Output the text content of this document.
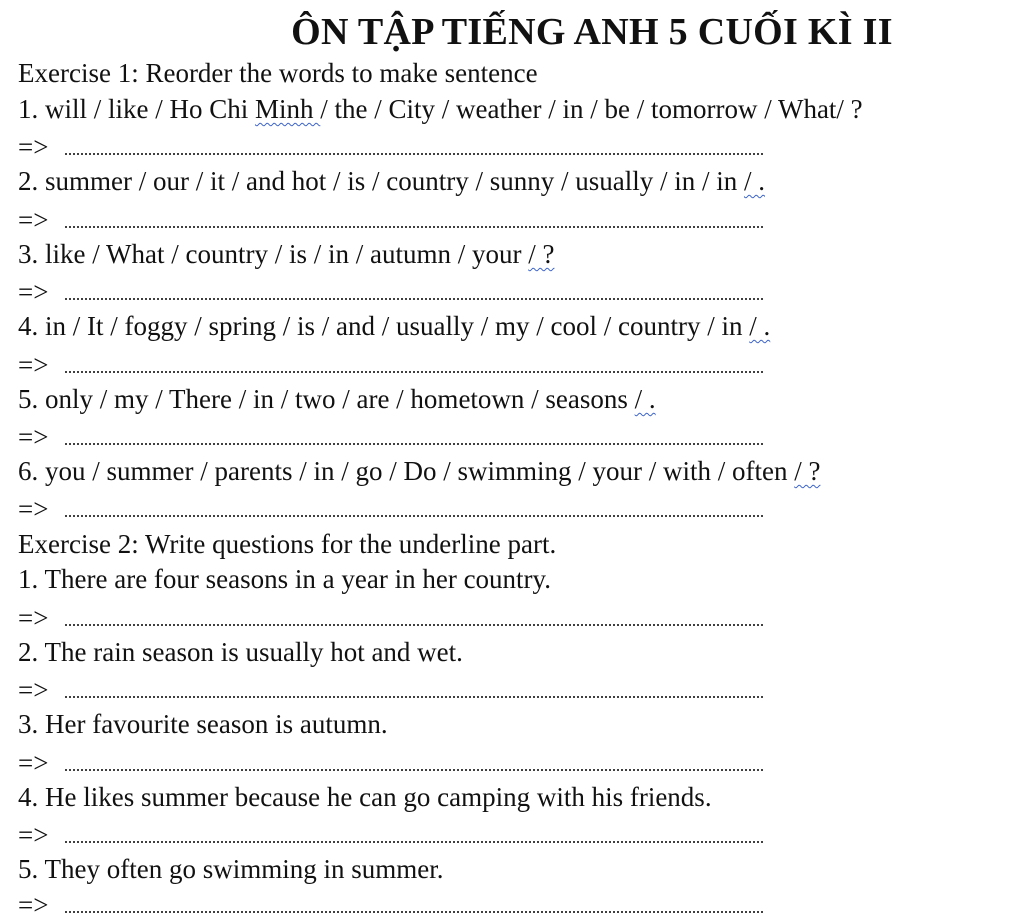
ÔN TẬP TIẾNG ANH 5 CUỐI KÌ II
Exercise 1: Reorder the words to make sentence
1. will / like / Ho Chi Minh / the / City / weather / in / be / tomorrow / What/ ?
=>
2. summer / our / it / and hot / is / country / sunny / usually / in / in / .
=>
3. like / What / country / is / in / autumn / your / ?
=>
4. in / It / foggy / spring / is / and / usually / my / cool / country / in / .
=>
5. only / my / There / in / two / are / hometown / seasons / .
=>
6. you / summer / parents / in / go / Do / swimming / your / with / often / ?
=>
Exercise 2: Write questions for the underline part.
1. There are four seasons in a year in her country.
=>
2. The rain season is usually hot and wet.
=>
3. Her favourite season is autumn.
=>
4. He likes summer because he can go camping with his friends.
=>
5. They often go swimming in summer.
=>
